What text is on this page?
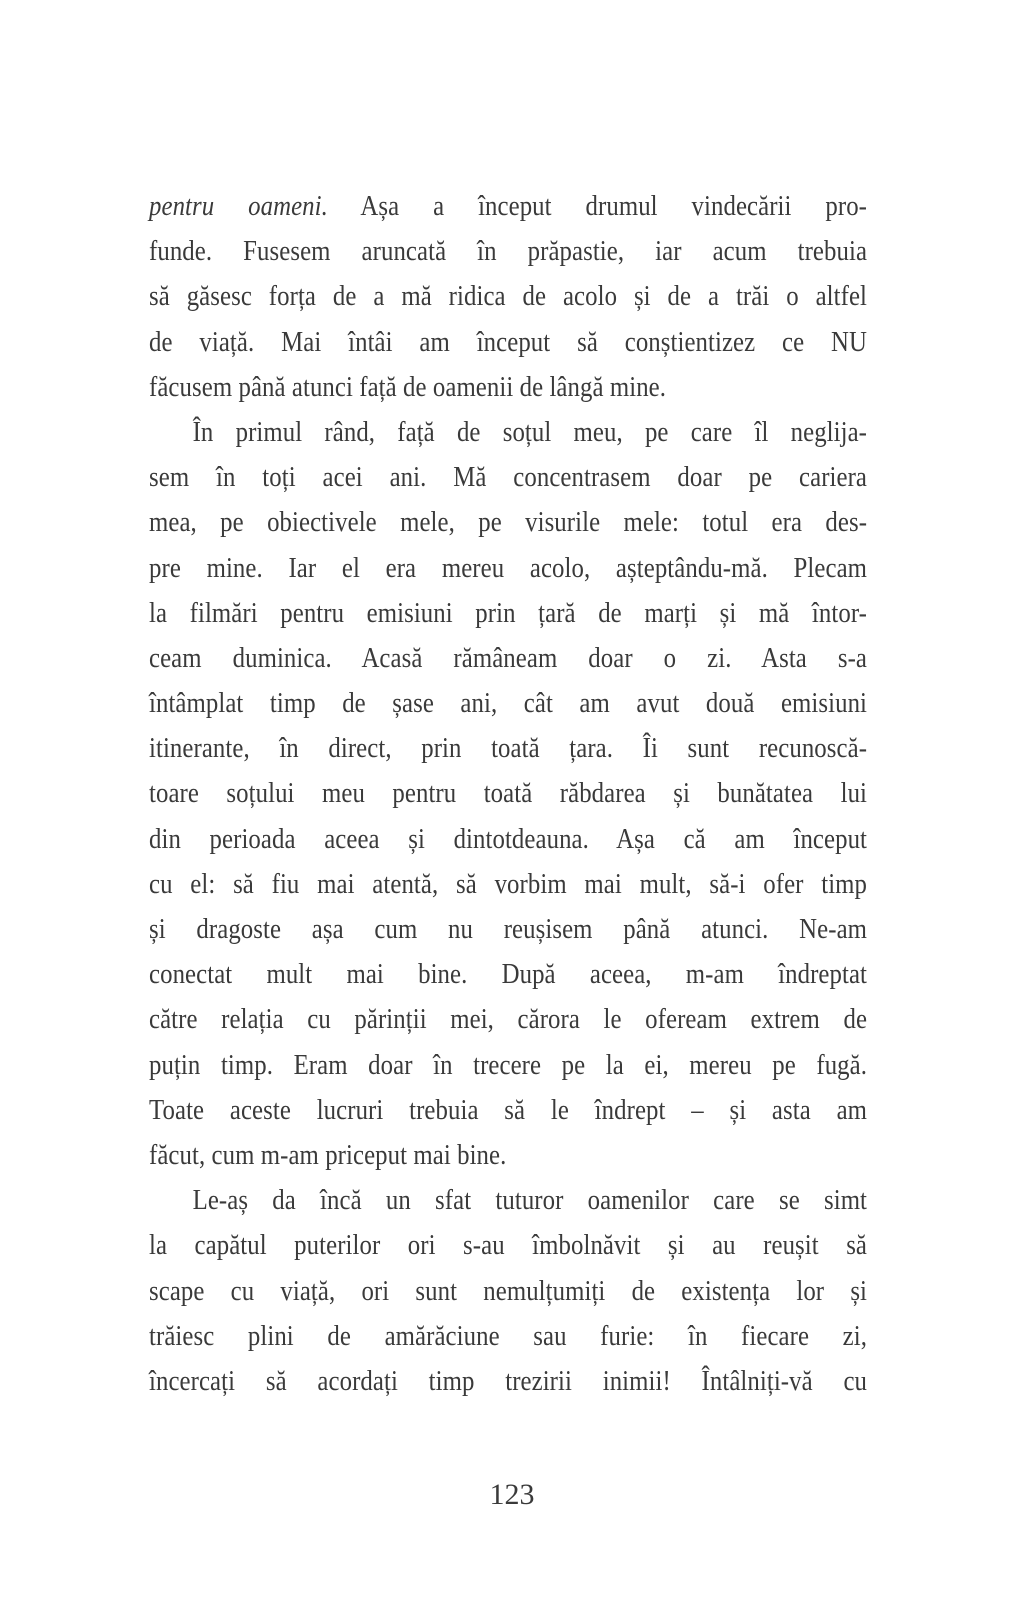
pentru oameni. Așa a început drumul vindecării pro-
funde. Fusesem aruncată în prăpastie, iar acum trebuia
să găsesc forța de a mă ridica de acolo și de a trăi o altfel
de viață. Mai întâi am început să conștientizez ce NU
făcusem până atunci față de oamenii de lângă mine.
În primul rând, față de soțul meu, pe care îl neglija-
sem în toți acei ani. Mă concentrasem doar pe cariera
mea, pe obiectivele mele, pe visurile mele: totul era des-
pre mine. Iar el era mereu acolo, așteptându-mă. Plecam
la filmări pentru emisiuni prin țară de marți și mă întor-
ceam duminica. Acasă rămâneam doar o zi. Asta s-a
întâmplat timp de șase ani, cât am avut două emisiuni
itinerante, în direct, prin toată țara. Îi sunt recunoscă-
toare soțului meu pentru toată răbdarea și bunătatea lui
din perioada aceea și dintotdeauna. Așa că am început
cu el: să fiu mai atentă, să vorbim mai mult, să-i ofer timp
și dragoste așa cum nu reușisem până atunci. Ne-am
conectat mult mai bine. După aceea, m-am îndreptat
către relația cu părinții mei, cărora le ofeream extrem de
puțin timp. Eram doar în trecere pe la ei, mereu pe fugă.
Toate aceste lucruri trebuia să le îndrept – și asta am
făcut, cum m-am priceput mai bine.
Le-aș da încă un sfat tuturor oamenilor care se simt
la capătul puterilor ori s-au îmbolnăvit și au reușit să
scape cu viață, ori sunt nemulțumiți de existența lor și
trăiesc plini de amărăciune sau furie: în fiecare zi,
încercați să acordați timp trezirii inimii! Întâlniți-vă cu
123
